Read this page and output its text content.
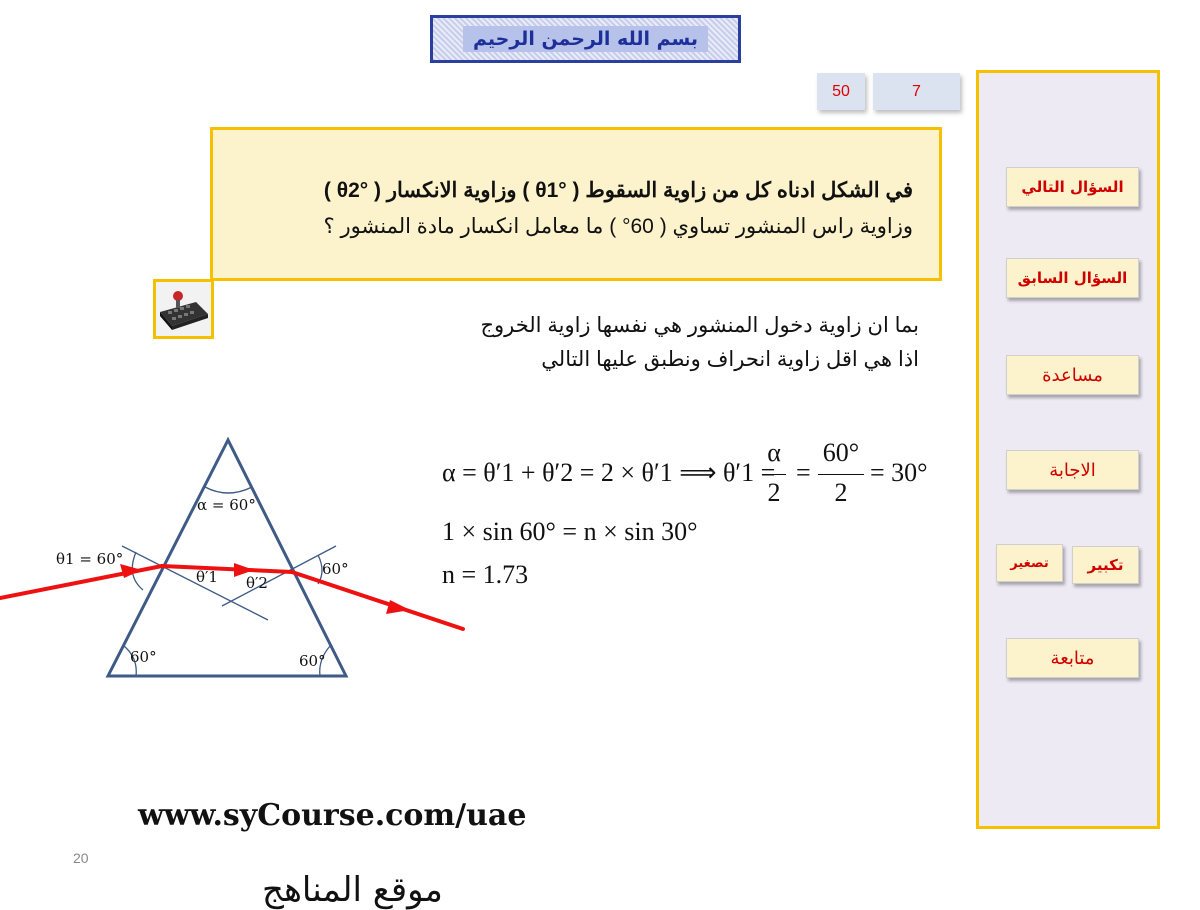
بسم الله الرحمن الرحيم
50	7
في الشكل ادناه كل من زاوية السقوط ( θ1° ) وزاوية الانكسار ( θ2° )
وزاوية راس المنشور تساوي ( 60° ) ما معامل انكسار مادة المنشور ؟
بما ان زاوية دخول المنشور هي نفسها زاوية الخروج
اذا هي اقل زاوية انحراف ونطبق عليها التالي
α = 60°
θ1 = 60°
θ′1 θ′2
60°
60°	60°
α = θ′1 + θ′2 = 2 × θ′1 ⟹ θ′1 =
α
2
=
60°
2
= 30°
1 × sin 60° = n × sin 30°
n = 1.73
www.syCourse.com/uae
20
موقع المناهج
السؤال التالي
السؤال السابق
مساعدة
الاجابة
تصغير	تكبير
متابعة
